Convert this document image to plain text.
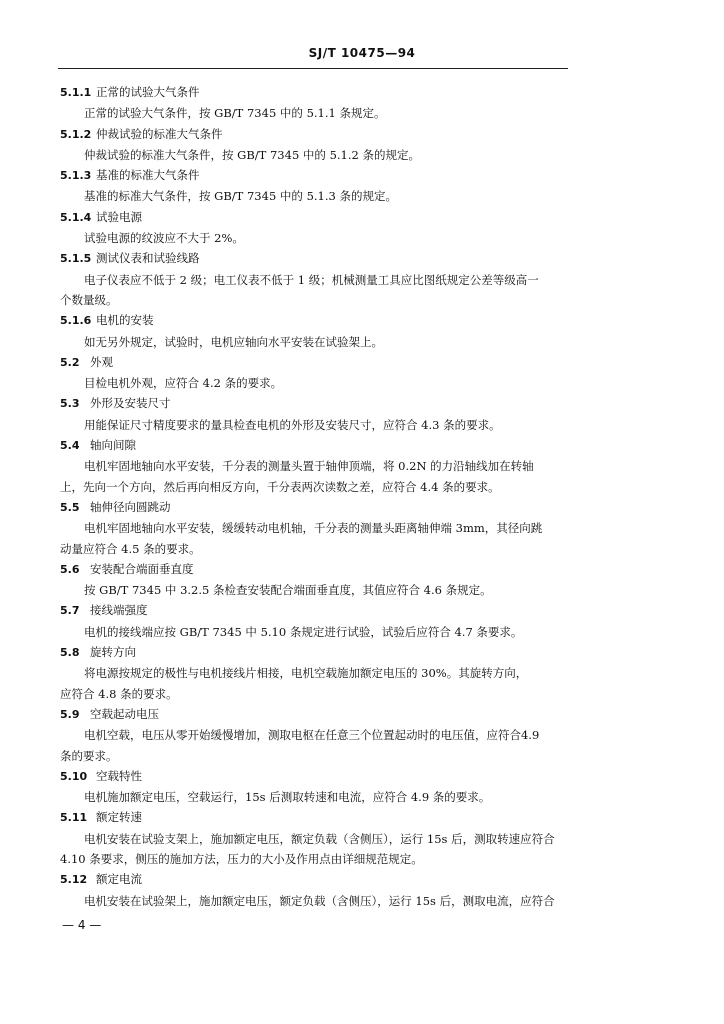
SJ/T 10475—94

5.1.1 正常的试验大气条件

正常的试验大气条件，按 GB/T 7345 中的 5.1.1 条规定。

5.1.2 仲裁试验的标准大气条件

仲裁试验的标准大气条件，按 GB/T 7345 中的 5.1.2 条的规定。

5.1.3 基准的标准大气条件

基准的标准大气条件，按 GB/T 7345 中的 5.1.3 条的规定。

5.1.4 试验电源

试验电源的纹波应不大于 2%。

5.1.5 测试仪表和试验线路

电子仪表应不低于 2 级；电工仪表不低于 1 级；机械测量工具应比图纸规定公差等级高一

个数量级。

5.1.6 电机的安装

如无另外规定，试验时，电机应轴向水平安装在试验架上。

5.2 外观

目检电机外观，应符合 4.2 条的要求。

5.3 外形及安装尺寸

用能保证尺寸精度要求的量具检查电机的外形及安装尺寸，应符合 4.3 条的要求。

5.4 轴向间隙

电机牢固地轴向水平安装，千分表的测量头置于轴伸顶端，将 0.2N 的力沿轴线加在转轴

上，先向一个方向，然后再向相反方向，千分表两次读数之差，应符合 4.4 条的要求。

5.5 轴伸径向圆跳动

电机牢固地轴向水平安装，缓缓转动电机轴，千分表的测量头距离轴伸端 3mm，其径向跳

动量应符合 4.5 条的要求。

5.6 安装配合端面垂直度

按 GB/T 7345 中 3.2.5 条检查安装配合端面垂直度，其值应符合 4.6 条规定。

5.7 接线端强度

电机的接线端应按 GB/T 7345 中 5.10 条规定进行试验，试验后应符合 4.7 条要求。

5.8 旋转方向

将电源按规定的极性与电机接线片相接，电机空载施加额定电压的 30%。其旋转方向，

应符合 4.8 条的要求。

5.9 空载起动电压

电机空载，电压从零开始缓慢增加，测取电枢在任意三个位置起动时的电压值，应符合4.9

条的要求。

5.10 空载特性

电机施加额定电压，空载运行，15s 后测取转速和电流，应符合 4.9 条的要求。

5.11 额定转速

电机安装在试验支架上，施加额定电压，额定负载（含侧压），运行 15s 后，测取转速应符合

4.10 条要求，侧压的施加方法，压力的大小及作用点由详细规范规定。

5.12 额定电流

电机安装在试验架上，施加额定电压，额定负载（含侧压），运行 15s 后，测取电流，应符合

— 4 —
